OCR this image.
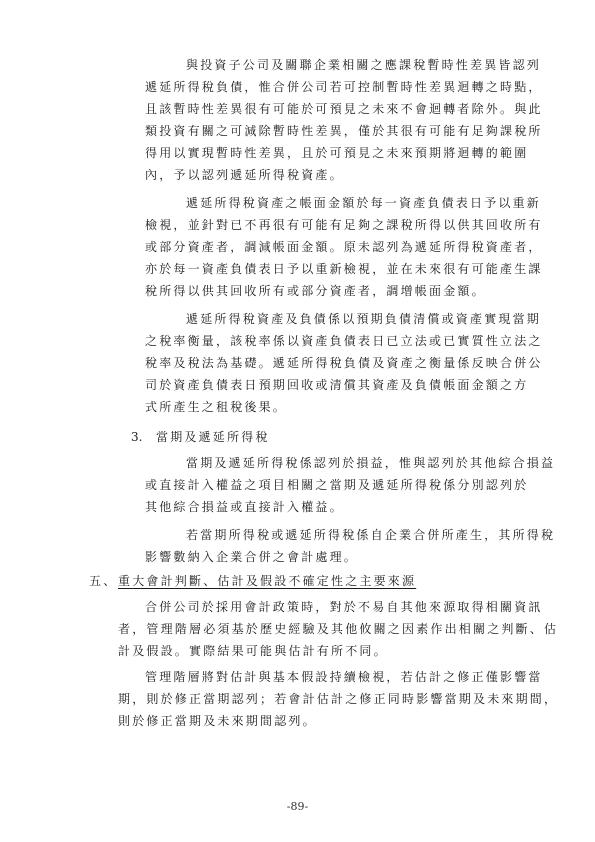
與投資子公司及關聯企業相關之應課稅暫時性差異皆認列
遞延所得稅負債，惟合併公司若可控制暫時性差異迴轉之時點，
且該暫時性差異很有可能於可預見之未來不會迴轉者除外。與此
類投資有關之可減除暫時性差異，僅於其很有可能有足夠課稅所
得用以實現暫時性差異，且於可預見之未來預期將迴轉的範圍
內，予以認列遞延所得稅資產。
遞延所得稅資產之帳面金額於每一資產負債表日予以重新
檢視，並針對已不再很有可能有足夠之課稅所得以供其回收所有
或部分資產者，調減帳面金額。原未認列為遞延所得稅資產者，
亦於每一資產負債表日予以重新檢視，並在未來很有可能產生課
稅所得以供其回收所有或部分資產者，調增帳面金額。
遞延所得稅資產及負債係以預期負債清償或資產實現當期
之稅率衡量，該稅率係以資產負債表日已立法或已實質性立法之
稅率及稅法為基礎。遞延所得稅負債及資產之衡量係反映合併公
司於資產負債表日預期回收或清償其資產及負債帳面金額之方
式所產生之租稅後果。
3. 當期及遞延所得稅
當期及遞延所得稅係認列於損益，惟與認列於其他綜合損益
或直接計入權益之項目相關之當期及遞延所得稅係分別認列於
其他綜合損益或直接計入權益。
若當期所得稅或遞延所得稅係自企業合併所產生，其所得稅
影響數納入企業合併之會計處理。
五、 重大會計判斷、估計及假設不確定性之主要來源
合併公司於採用會計政策時，對於不易自其他來源取得相關資訊
者，管理階層必須基於歷史經驗及其他攸關之因素作出相關之判斷、估
計及假設。實際結果可能與估計有所不同。
管理階層將對估計與基本假設持續檢視，若估計之修正僅影響當
期，則於修正當期認列；若會計估計之修正同時影響當期及未來期間，
則於修正當期及未來期間認列。
-89-
